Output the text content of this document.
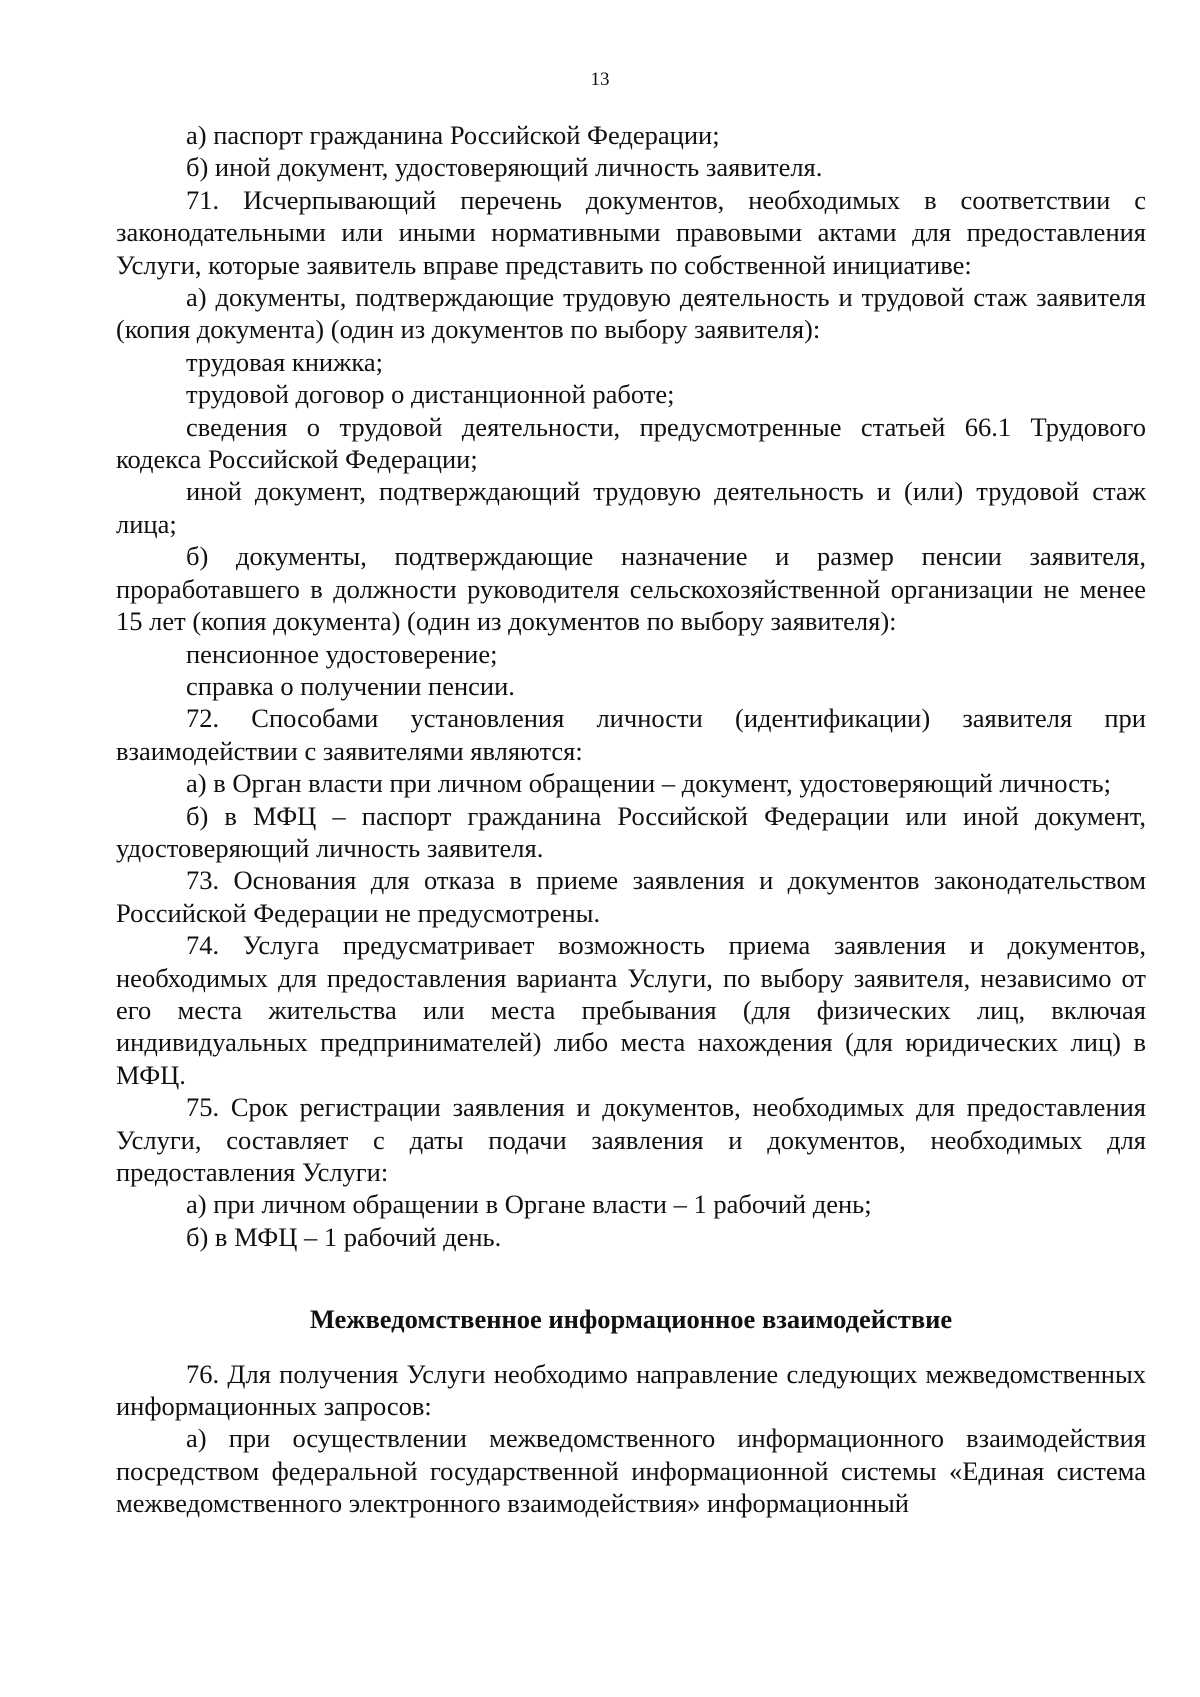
13

а) паспорт гражданина Российской Федерации;

б) иной документ, удостоверяющий личность заявителя.

71. Исчерпывающий перечень документов, необходимых в соответствии с законодательными или иными нормативными правовыми актами для предоставления Услуги, которые заявитель вправе представить по собственной инициативе:

а) документы, подтверждающие трудовую деятельность и трудовой стаж заявителя (копия документа) (один из документов по выбору заявителя):

трудовая книжка;

трудовой договор о дистанционной работе;

сведения о трудовой деятельности, предусмотренные статьей 66.1 Трудового кодекса Российской Федерации;

иной документ, подтверждающий трудовую деятельность и (или) трудовой стаж лица;

б) документы, подтверждающие назначение и размер пенсии заявителя, проработавшего в должности руководителя сельскохозяйственной организации не менее 15 лет (копия документа) (один из документов по выбору заявителя):

пенсионное удостоверение;

справка о получении пенсии.

72. Способами установления личности (идентификации) заявителя при взаимодействии с заявителями являются:

а) в Орган власти при личном обращении – документ, удостоверяющий личность;

б) в МФЦ – паспорт гражданина Российской Федерации или иной документ, удостоверяющий личность заявителя.

73. Основания для отказа в приеме заявления и документов законодательством Российской Федерации не предусмотрены.

74. Услуга предусматривает возможность приема заявления и документов, необходимых для предоставления варианта Услуги, по выбору заявителя, независимо от его места жительства или места пребывания (для физических лиц, включая индивидуальных предпринимателей) либо места нахождения (для юридических лиц) в МФЦ.

75. Срок регистрации заявления и документов, необходимых для предоставления Услуги, составляет с даты подачи заявления и документов, необходимых для предоставления Услуги:

а) при личном обращении в Органе власти – 1 рабочий день;

б) в МФЦ – 1 рабочий день.

Межведомственное информационное взаимодействие

76. Для получения Услуги необходимо направление следующих межведомственных информационных запросов:

а) при осуществлении межведомственного информационного взаимодействия посредством федеральной государственной информационной системы «Единая система межведомственного электронного взаимодействия» информационный
